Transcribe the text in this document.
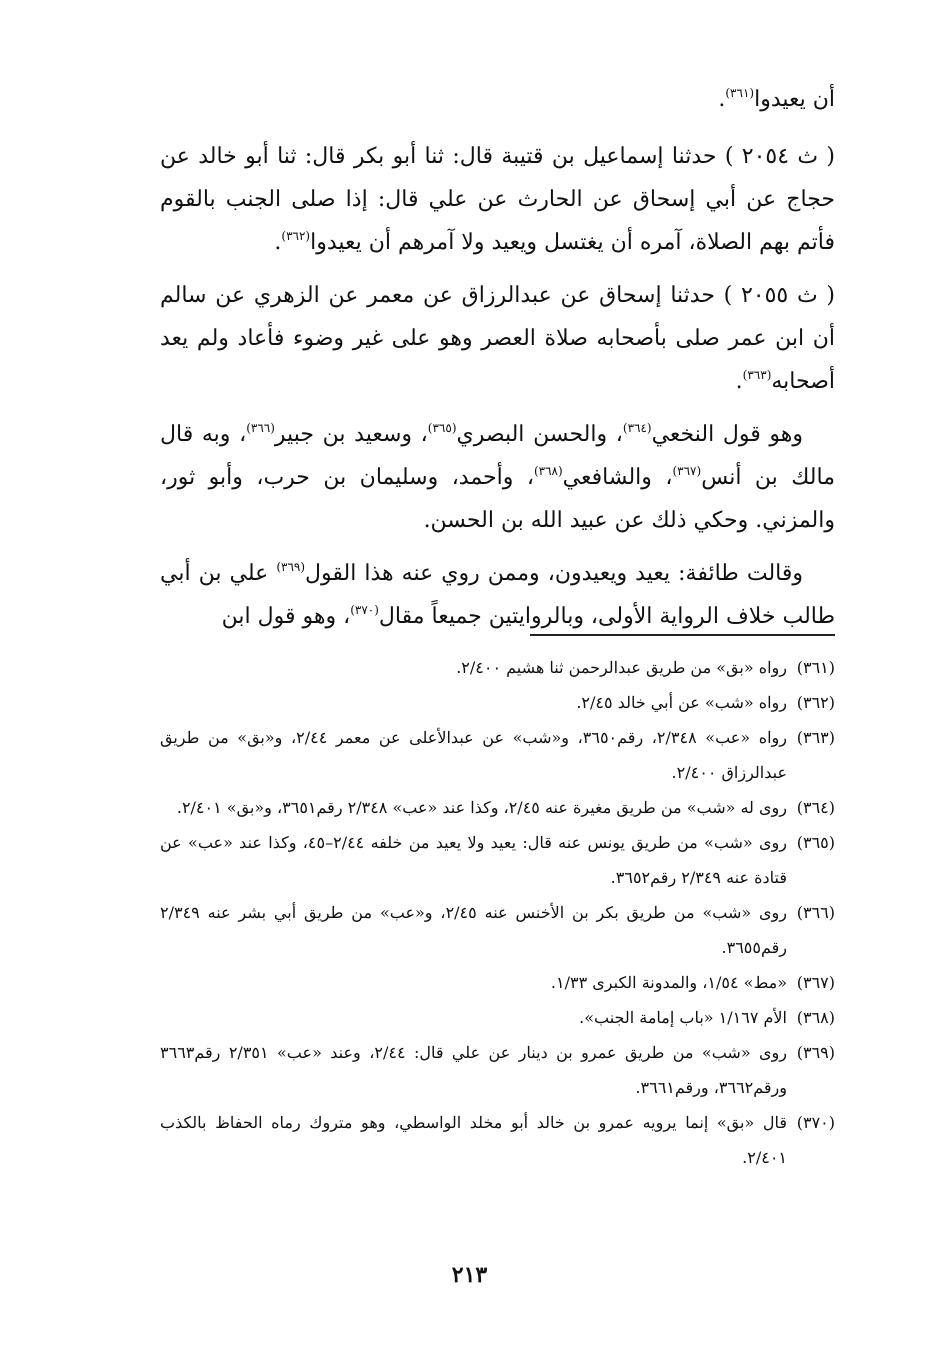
أن يعيدوا$^{(٣٦١)}$.

( ث ٢٠٥٤ ) حدثنا إسماعيل بن قتيبة قال: ثنا أبو بكر قال: ثنا أبو خالد عن حجاج عن أبي إسحاق عن الحارث عن علي قال: إذا صلى الجنب بالقوم فأتم بهم الصلاة، آمره أن يغتسل ويعيد ولا آمرهم أن يعيدوا$^{(٣٦٢)}$.

( ث ٢٠٥٥ ) حدثنا إسحاق عن عبدالرزاق عن معمر عن الزهري عن سالم أن ابن عمر صلى بأصحابه صلاة العصر وهو على غير وضوء فأعاد ولم يعد أصحابه$^{(٣٦٣)}$.

وهو قول النخعي$^{(٣٦٤)}$، والحسن البصري$^{(٣٦٥)}$، وسعيد بن جبير$^{(٣٦٦)}$، وبه قال مالك بن أنس$^{(٣٦٧)}$، والشافعي$^{(٣٦٨)}$، وأحمد، وسليمان بن حرب، وأبو ثور، والمزني. وحكي ذلك عن عبيد الله بن الحسن.

وقالت طائفة: يعيد ويعيدون، وممن روي عنه هذا القول$^{(٣٦٩)}$ علي بن أبي طالب خلاف الرواية الأولى، وبالروايتين جميعاً مقال$^{(٣٧٠)}$، وهو قول ابن

(٣٦١)
رواه «بق» من طريق عبدالرحمن ثنا هشيم ٢/٤٠٠.
(٣٦٢)
رواه «شب» عن أبي خالد ٢/٤٥.
(٣٦٣)
رواه «عب» ٢/٣٤٨، رقم٣٦٥٠، و«شب» عن عبدالأعلى عن معمر ٢/٤٤، و«بق» من طريق عبدالرزاق ٢/٤٠٠.
(٣٦٤)
روى له «شب» من طريق مغيرة عنه ٢/٤٥، وكذا عند «عب» ٢/٣٤٨ رقم٣٦٥١، و«بق» ٢/٤٠١.
(٣٦٥)
روى «شب» من طريق يونس عنه قال: يعيد ولا يعيد من خلفه ٢/٤٤–٤٥، وكذا عند «عب» عن قتادة عنه ٢/٣٤٩ رقم٣٦٥٢.
(٣٦٦)
روى «شب» من طريق بكر بن الأخنس عنه ٢/٤٥، و«عب» من طريق أبي بشر عنه ٢/٣٤٩ رقم٣٦٥٥.
(٣٦٧)
«مط» ١/٥٤، والمدونة الكبرى ١/٣٣.
(٣٦٨)
الأم ١/١٦٧ «باب إمامة الجنب».
(٣٦٩)
روى «شب» من طريق عمرو بن دينار عن علي قال: ٢/٤٤، وعند «عب» ٢/٣٥١ رقم٣٦٦٣ ورقم٣٦٦٢، ورقم٣٦٦١.
(٣٧٠)
قال «بق» إنما يرويه عمرو بن خالد أبو مخلد الواسطي، وهو متروك رماه الحفاظ بالكذب ٢/٤٠١.
٢١٣
